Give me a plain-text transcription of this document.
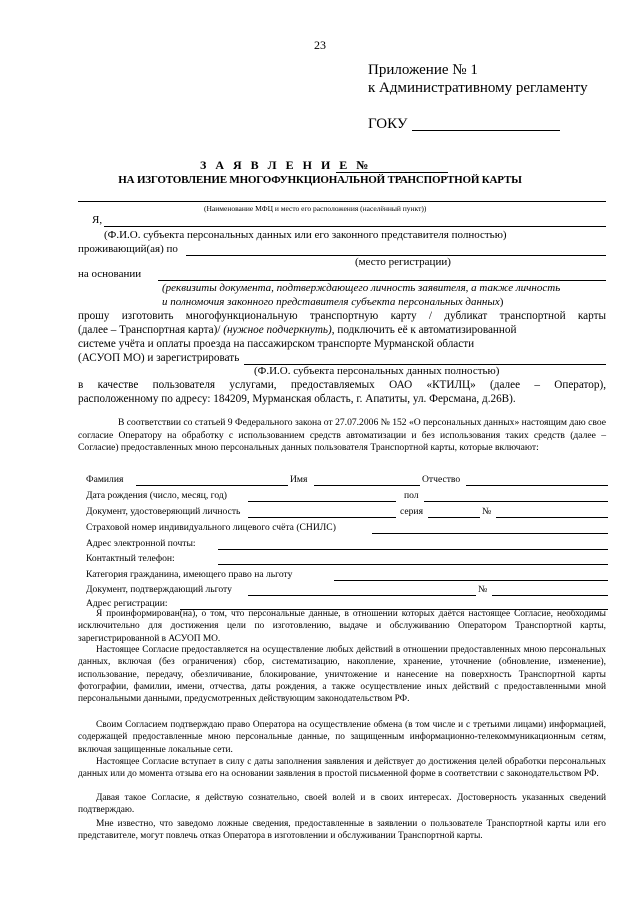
23
Приложение № 1
к Административному регламенту
ГОКУ
З А Я В Л Е Н И Е №
НА ИЗГОТОВЛЕНИЕ МНОГОФУНКЦИОНАЛЬНОЙ ТРАНСПОРТНОЙ КАРТЫ
(Наименование МФЦ и место его расположения (населённый пункт))
Я,
(Ф.И.О. субъекта персональных данных или его законного представителя полностью)
проживающий(ая) по
(место регистрации)
на основании
(реквизиты документа, подтверждающего личность заявителя, а также личность
и полномочия законного представителя субъекта персональных данных)
прошу изготовить многофункциональную транспортную карту / дубликат транспортной карты
(далее – Транспортная карта)/ (нужное подчеркнуть), подключить её к автоматизированной
системе учёта и оплаты проезда на пассажирском транспорте Мурманской области
(АСУОП МО) и зарегистрировать
(Ф.И.О. субъекта персональных данных полностью)
в качестве пользователя услугами, предоставляемых ОАО «КТИЛЦ» (далее – Оператор),
расположенному по адресу: 184209, Мурманская область, г. Апатиты, ул. Ферсмана, д.26В).
В соответствии со статьей 9 Федерального закона от 27.07.2006 № 152 «О персональных данных» настоящим даю свое согласие Оператору на обработку с использованием средств автоматизации и без использования таких средств (далее – Согласие) предоставленных мною персональных данных пользователя Транспортной карты, которые включают:
Фамилия	Имя	Отчество
Дата рождения (число, месяц, год)	пол
Документ, удостоверяющий личность	серия	№
Страховой номер индивидуального лицевого счёта (СНИЛС)
Адрес электронной почты:
Контактный телефон:
Категория гражданина, имеющего право на льготу
Документ, подтверждающий льготу	№
Адрес регистрации:
Я проинформирован(на), о том, что персональные данные, в отношении которых даётся настоящее Согласие, необходимы исключительно для достижения цели по изготовлению, выдаче и обслуживанию Оператором Транспортной карты, зарегистрированной в АСУОП МО.
Настоящее Согласие предоставляется на осуществление любых действий в отношении предоставленных мною персональных данных, включая (без ограничения) сбор, систематизацию, накопление, хранение, уточнение (обновление, изменение), использование, передачу, обезличивание, блокирование, уничтожение и нанесение на поверхность Транспортной карты фотографии, фамилии, имени, отчества, даты рождения, а также осуществление иных действий с предоставленными мной персональными данными, предусмотренных действующим законодательством РФ.
Своим Согласием подтверждаю право Оператора на осуществление обмена (в том числе и с третьими лицами) информацией, содержащей предоставленные мною персональные данные, по защищенным информационно-телекоммуникационным сетям, включая защищенные локальные сети.
Настоящее Согласие вступает в силу с даты заполнения заявления и действует до достижения целей обработки персональных данных или до момента отзыва его на основании заявления в простой письменной форме в соответствии с законодательством РФ.
Давая такое Согласие, я действую сознательно, своей волей и в своих интересах. Достоверность указанных сведений подтверждаю.
Мне известно, что заведомо ложные сведения, предоставленные в заявлении о пользователе Транспортной карты или его представителе, могут повлечь отказ Оператора в изготовлении и обслуживании Транспортной карты.
